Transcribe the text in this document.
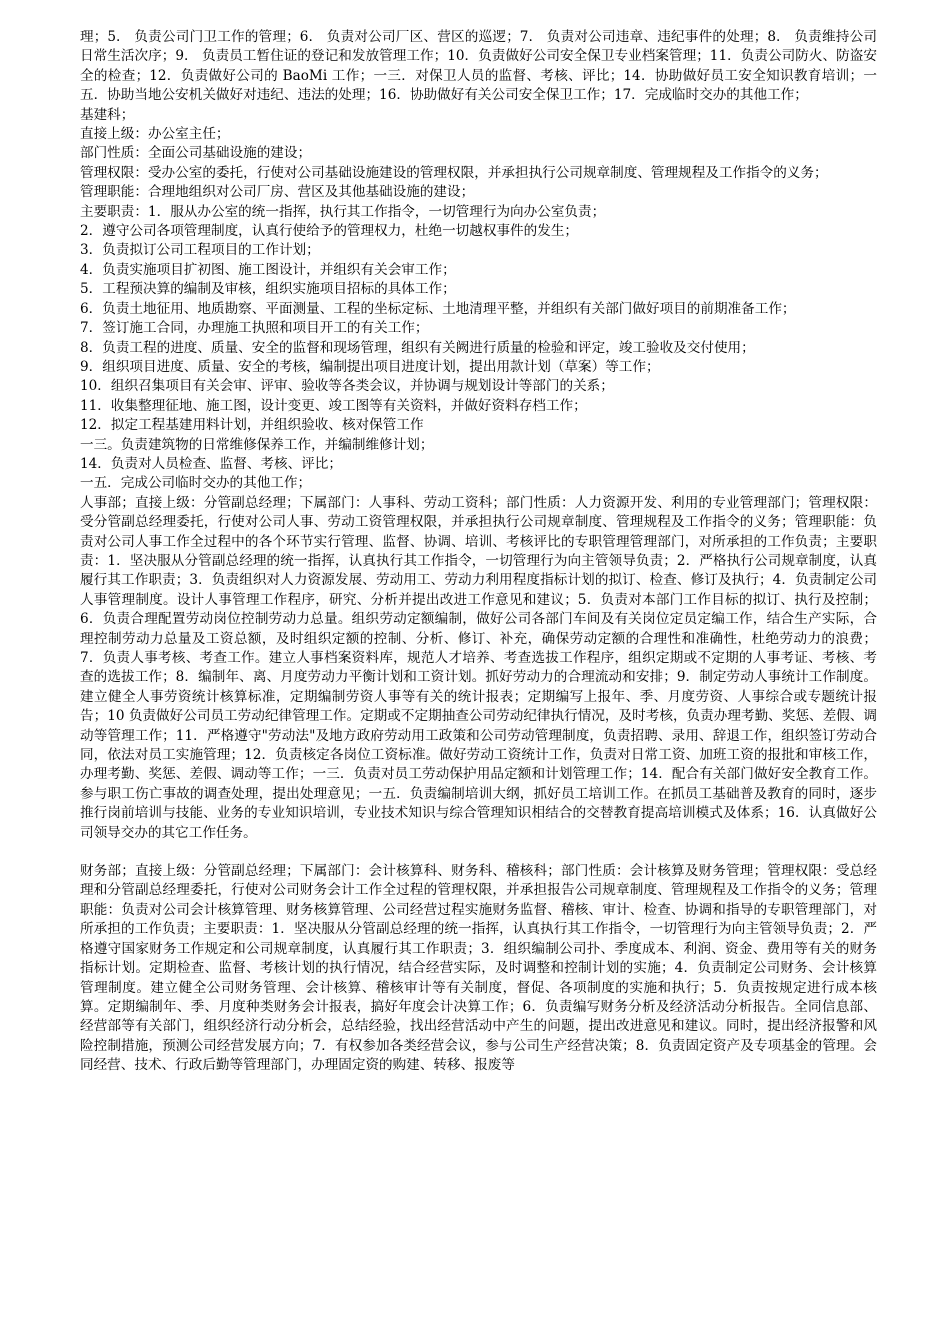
理；5.　负责公司门卫工作的管理；6.　负责对公司厂区、营区的巡逻；7.　负责对公司违章、违纪事件的处理；8.　负责维持公司日常生活次序；9.　负责员工暂住证的登记和发放管理工作；10．负责做好公司安全保卫专业档案管理；11．负责公司防火、防盗安全的检查；12．负责做好公司的 BaoMi 工作；一三．对保卫人员的监督、考核、评比；14．协助做好员工安全知识教育培训；一五．协助当地公安机关做好对违纪、违法的处理；16．协助做好有关公司安全保卫工作；17．完成临时交办的其他工作；

基建科；

直接上级：办公室主任；

部门性质：全面公司基础设施的建设；

管理权限：受办公室的委托，行使对公司基础设施建设的管理权限，并承担执行公司规章制度、管理规程及工作指令的义务；

管理职能：合理地组织对公司厂房、营区及其他基础设施的建设；

主要职责：1．服从办公室的统一指挥，执行其工作指令，一切管理行为向办公室负责；

2．遵守公司各项管理制度，认真行使给予的管理权力，杜绝一切越权事件的发生；

3．负责拟订公司工程项目的工作计划；

4．负责实施项目扩初图、施工图设计，并组织有关会审工作；

5．工程预决算的编制及审核，组织实施项目招标的具体工作；

6．负责土地征用、地质勘察、平面测量、工程的坐标定标、土地清理平整，并组织有关部门做好项目的前期准备工作；

7．签订施工合同，办理施工执照和项目开工的有关工作；

8．负责工程的进度、质量、安全的监督和现场管理，组织有关阙进行质量的检验和评定，竣工验收及交付使用；

9．组织项目进度、质量、安全的考核，编制提出项目进度计划，提出用款计划（草案）等工作；

10．组织召集项目有关会审、评审、验收等各类会议，并协调与规划设计等部门的关系；

11．收集整理征地、施工图，设计变更、竣工图等有关资料，并做好资料存档工作；

12．拟定工程基建用料计划，并组织验收、核对保管工作

一三。负责建筑物的日常维修保养工作，并编制维修计划；

14．负责对人员检查、监督、考核、评比；

一五．完成公司临时交办的其他工作；

人事部；直接上级：分管副总经理；下属部门：人事科、劳动工资科；部门性质：人力资源开发、利用的专业管理部门；管理权限：受分管副总经理委托，行使对公司人事、劳动工资管理权限，并承担执行公司规章制度、管理规程及工作指令的义务；管理职能：负责对公司人事工作全过程中的各个环节实行管理、监督、协调、培训、考核评比的专职管理管理部门，对所承担的工作负责；主要职责：1．坚决服从分管副总经理的统一指挥，认真执行其工作指令，一切管理行为向主管领导负责；2．严格执行公司规章制度，认真履行其工作职责；3．负责组织对人力资源发展、劳动用工、劳动力利用程度指标计划的拟订、检查、修订及执行；4．负责制定公司人事管理制度。设计人事管理工作程序，研究、分析并提出改进工作意见和建议；5．负责对本部门工作目标的拟订、执行及控制；6．负责合理配置劳动岗位控制劳动力总量。组织劳动定额编制，做好公司各部门车间及有关岗位定员定编工作，结合生产实际，合理控制劳动力总量及工资总额，及时组织定额的控制、分析、修订、补充，确保劳动定额的合理性和准确性，杜绝劳动力的浪费；7．负责人事考核、考查工作。建立人事档案资料库，规范人才培养、考查选拔工作程序，组织定期或不定期的人事考证、考核、考查的选拔工作；8．编制年、离、月度劳动力平衡计划和工资计划。抓好劳动力的合理流动和安排；9．制定劳动人事统计工作制度。建立健全人事劳资统计核算标准，定期编制劳资人事等有关的统计报表；定期编写上报年、季、月度劳资、人事综合或专题统计报告；10 负责做好公司员工劳动纪律管理工作。定期或不定期抽查公司劳动纪律执行情况，及时考核，负责办理考勤、奖惩、差假、调动等管理工作；11．严格遵守"劳动法"及地方政府劳动用工政策和公司劳动管理制度，负责招聘、录用、辞退工作，组织签订劳动合同，依法对员工实施管理；12．负责核定各岗位工资标准。做好劳动工资统计工作，负责对日常工资、加班工资的报批和审核工作，办理考勤、奖惩、差假、调动等工作；一三．负责对员工劳动保护用品定额和计划管理工作；14．配合有关部门做好安全教育工作。参与职工伤亡事故的调查处理，提出处理意见；一五．负责编制培训大纲，抓好员工培训工作。在抓员工基础普及教育的同时，逐步推行岗前培训与技能、业务的专业知识培训，专业技术知识与综合管理知识相结合的交替教育提高培训模式及体系；16．认真做好公司领导交办的其它工作任务。

财务部；直接上级：分管副总经理；下属部门：会计核算科、财务科、稽核科；部门性质：会计核算及财务管理；管理权限：受总经理和分管副总经理委托，行使对公司财务会计工作全过程的管理权限，并承担报告公司规章制度、管理规程及工作指令的义务；管理职能：负责对公司会计核算管理、财务核算管理、公司经营过程实施财务监督、稽核、审计、检查、协调和指导的专职管理部门，对所承担的工作负责；主要职责：1．坚决服从分管副总经理的统一指挥，认真执行其工作指令，一切管理行为向主管领导负责；2．严格遵守国家财务工作规定和公司规章制度，认真履行其工作职责；3．组织编制公司扑、季度成本、利润、资金、费用等有关的财务指标计划。定期检查、监督、考核计划的执行情况，结合经营实际，及时调整和控制计划的实施；4．负责制定公司财务、会计核算管理制度。建立健全公司财务管理、会计核算、稽核审计等有关制度，督促、各项制度的实施和执行；5．负责按规定进行成本核算。定期编制年、季、月度种类财务会计报表，搞好年度会计决算工作；6．负责编写财务分析及经济活动分析报告。全同信息部、经营部等有关部门，组织经济行动分析会，总结经验，找出经营活动中产生的问题，提出改进意见和建议。同时，提出经济报警和风险控制措施，预测公司经营发展方向；7．有权参加各类经营会议，参与公司生产经营决策；8．负责固定资产及专项基金的管理。会同经营、技术、行政后勤等管理部门，办理固定资的购建、转移、报废等
